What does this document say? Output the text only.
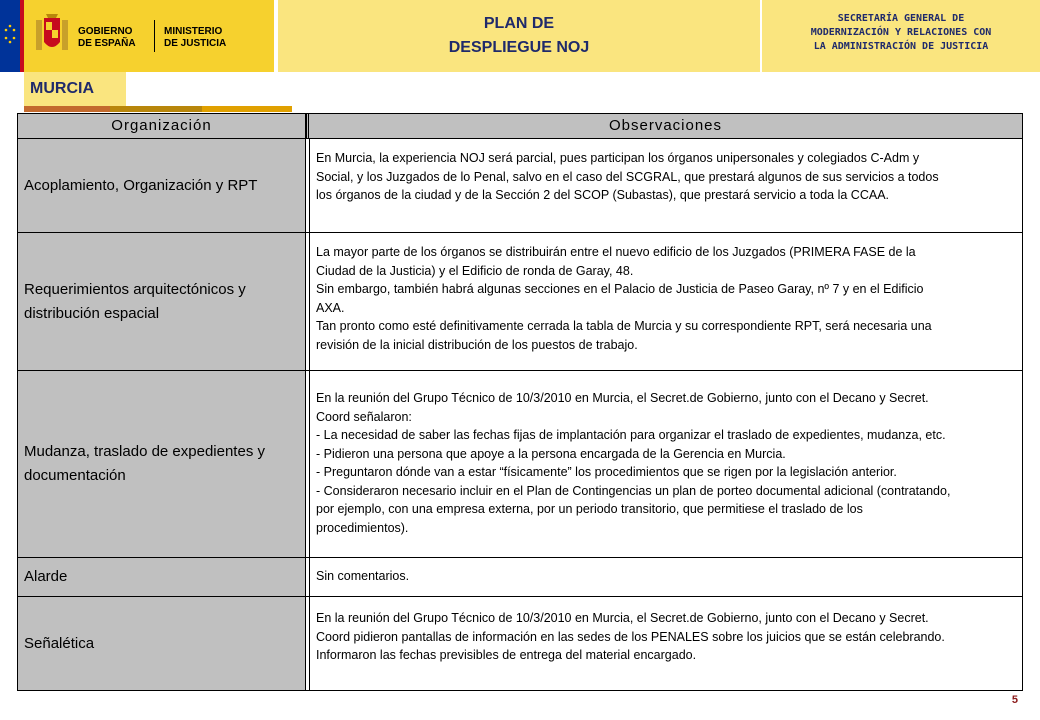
GOBIERNO
DE ESPAÑA
MINISTERIO
DE JUSTICIA
PLAN DE
DESPLIEGUE NOJ
SECRETARÍA GENERAL DE
MODERNIZACIÓN Y RELACIONES CON
LA ADMINISTRACIÓN DE JUSTICIA
MURCIA
Organización	Observaciones
Acoplamiento, Organización y RPT
En Murcia, la experiencia NOJ será parcial, pues participan los órganos unipersonales y colegiados C-Adm y
Social, y los Juzgados de lo Penal, salvo en el caso del SCGRAL, que prestará algunos de sus servicios a todos
los órganos de la ciudad y de la Sección 2 del SCOP (Subastas), que prestará servicio a toda la CCAA.
Requerimientos arquitectónicos y
distribución espacial
La mayor parte de los órganos se distribuirán entre el nuevo edificio de los Juzgados (PRIMERA FASE de la
Ciudad de la Justicia) y el Edificio de ronda de Garay, 48.
Sin embargo, también habrá algunas secciones en el Palacio de Justicia de Paseo Garay, nº 7 y en el Edificio
AXA.
Tan pronto como esté definitivamente cerrada la tabla de Murcia y su correspondiente RPT, será necesaria una
revisión de la inicial distribución de los puestos de trabajo.
Mudanza, traslado de expedientes y
documentación
En la reunión del Grupo Técnico de 10/3/2010 en Murcia, el Secret.de Gobierno, junto con el Decano y Secret.
Coord señalaron:
- La necesidad de saber las fechas fijas de implantación para organizar el traslado de expedientes, mudanza, etc.
- Pidieron una persona que apoye a la persona encargada de la Gerencia en Murcia.
- Preguntaron dónde van a estar “físicamente” los procedimientos que se rigen por la legislación anterior.
- Consideraron necesario incluir en el Plan de Contingencias un plan de porteo documental adicional (contratando,
por ejemplo, con una empresa externa, por un periodo transitorio, que permitiese el traslado de los
procedimientos).
Alarde	Sin comentarios.
Señalética
En la reunión del Grupo Técnico de 10/3/2010 en Murcia, el Secret.de Gobierno, junto con el Decano y Secret.
Coord pidieron pantallas de información en las sedes de los PENALES sobre los juicios que se están celebrando.
Informaron las fechas previsibles de entrega del material encargado.
5
